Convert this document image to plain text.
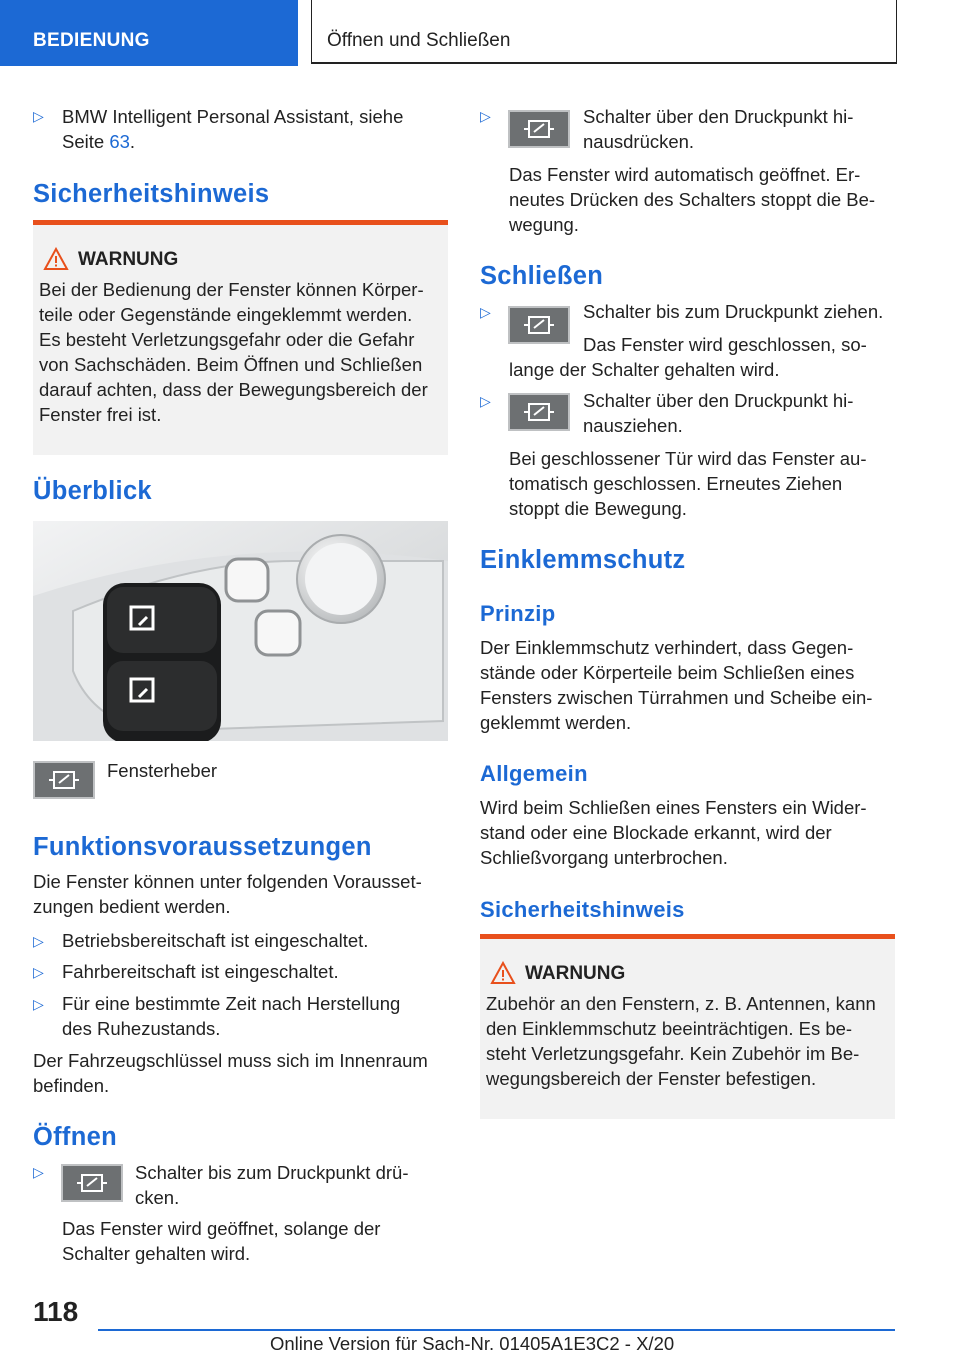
BEDIENUNG	Öffnen und Schließen
▷ BMW Intelligent Personal Assistant, siehe
Seite 63.
Sicherheitshinweis
WARNUNG
Bei der Bedienung der Fenster können Körper-
teile oder Gegenstände eingeklemmt werden.
Es besteht Verletzungsgefahr oder die Gefahr
von Sachschäden. Beim Öffnen und Schließen
darauf achten, dass der Bewegungsbereich der
Fenster frei ist.
Überblick
Fensterheber
Funktionsvoraussetzungen
Die Fenster können unter folgenden Vorausset-
zungen bedient werden.
▷ Betriebsbereitschaft ist eingeschaltet.
▷ Fahrbereitschaft ist eingeschaltet.
▷ Für eine bestimmte Zeit nach Herstellung
des Ruhezustands.
Der Fahrzeugschlüssel muss sich im Innenraum
befinden.
Öffnen
▷	Schalter bis zum Druckpunkt drü-
cken.
Das Fenster wird geöffnet, solange der
Schalter gehalten wird.
▷	Schalter über den Druckpunkt hi-
nausdrücken.
Das Fenster wird automatisch geöffnet. Er-
neutes Drücken des Schalters stoppt die Be-
wegung.
Schließen
▷	Schalter bis zum Druckpunkt ziehen.
Das Fenster wird geschlossen, so-
lange der Schalter gehalten wird.
▷	Schalter über den Druckpunkt hi-
nausziehen.
Bei geschlossener Tür wird das Fenster au-
tomatisch geschlossen. Erneutes Ziehen
stoppt die Bewegung.
Einklemmschutz
Prinzip
Der Einklemmschutz verhindert, dass Gegen-
stände oder Körperteile beim Schließen eines
Fensters zwischen Türrahmen und Scheibe ein-
geklemmt werden.
Allgemein
Wird beim Schließen eines Fensters ein Wider-
stand oder eine Blockade erkannt, wird der
Schließvorgang unterbrochen.
Sicherheitshinweis
WARNUNG
Zubehör an den Fenstern, z. B. Antennen, kann
den Einklemmschutz beeinträchtigen. Es be-
steht Verletzungsgefahr. Kein Zubehör im Be-
wegungsbereich der Fenster befestigen.
118
Online Version für Sach-Nr. 01405A1E3C2 - X/20
